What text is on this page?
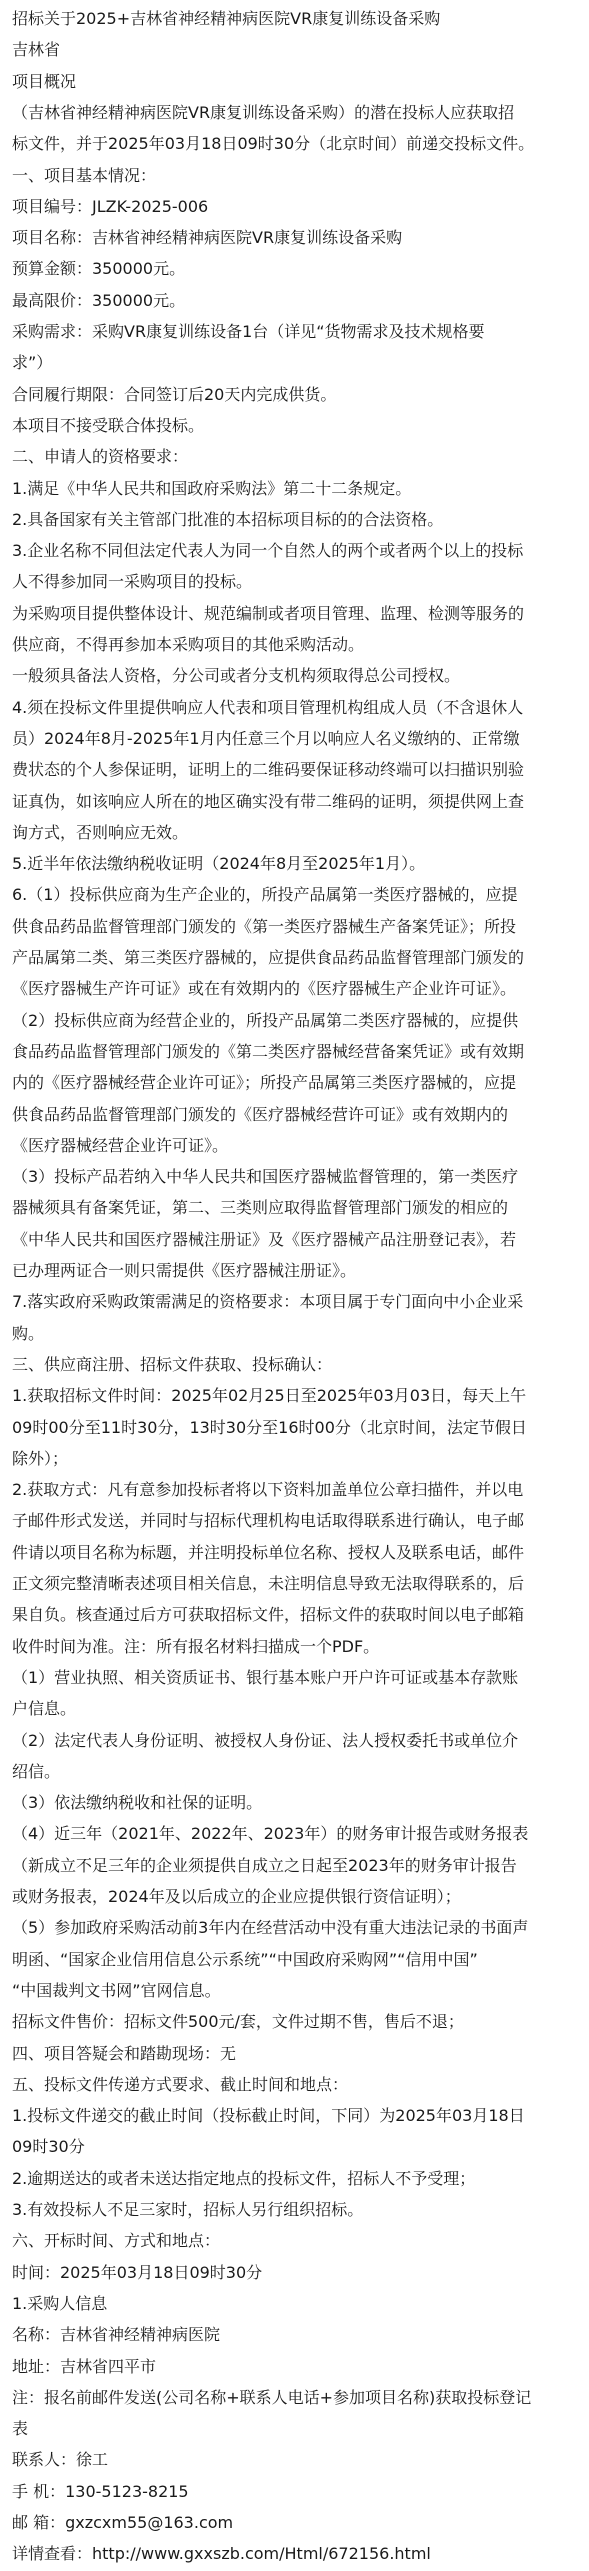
招标关于2025+吉林省神经精神病医院VR康复训练设备采购
吉林省
项目概况
（吉林省神经精神病医院VR康复训练设备采购）的潜在投标人应获取招
标文件，并于2025年03月18日09时30分（北京时间）前递交投标文件。
一、项目基本情况：
项目编号：JLZK-2025-006
项目名称：吉林省神经精神病医院VR康复训练设备采购
预算金额：350000元。
最高限价：350000元。
采购需求：采购VR康复训练设备1台（详见“货物需求及技术规格要
求”）
合同履行期限：合同签订后20天内完成供货。
本项目不接受联合体投标。
二、申请人的资格要求：
1.满足《中华人民共和国政府采购法》第二十二条规定。
2.具备国家有关主管部门批准的本招标项目标的的合法资格。
3.企业名称不同但法定代表人为同一个自然人的两个或者两个以上的投标
人不得参加同一采购项目的投标。
为采购项目提供整体设计、规范编制或者项目管理、监理、检测等服务的
供应商，不得再参加本采购项目的其他采购活动。
一般须具备法人资格，分公司或者分支机构须取得总公司授权。
4.须在投标文件里提供响应人代表和项目管理机构组成人员（不含退休人
员）2024年8月-2025年1月内任意三个月以响应人名义缴纳的、正常缴
费状态的个人参保证明，证明上的二维码要保证移动终端可以扫描识别验
证真伪，如该响应人所在的地区确实没有带二维码的证明，须提供网上查
询方式，否则响应无效。
5.近半年依法缴纳税收证明（2024年8月至2025年1月）。
6.（1）投标供应商为生产企业的，所投产品属第一类医疗器械的，应提
供食品药品监督管理部门颁发的《第一类医疗器械生产备案凭证》；所投
产品属第二类、第三类医疗器械的，应提供食品药品监督管理部门颁发的
《医疗器械生产许可证》或在有效期内的《医疗器械生产企业许可证》。
（2）投标供应商为经营企业的，所投产品属第二类医疗器械的，应提供
食品药品监督管理部门颁发的《第二类医疗器械经营备案凭证》或有效期
内的《医疗器械经营企业许可证》；所投产品属第三类医疗器械的，应提
供食品药品监督管理部门颁发的《医疗器械经营许可证》或有效期内的
《医疗器械经营企业许可证》。
（3）投标产品若纳入中华人民共和国医疗器械监督管理的，第一类医疗
器械须具有备案凭证，第二、三类则应取得监督管理部门颁发的相应的
《中华人民共和国医疗器械注册证》及《医疗器械产品注册登记表》，若
已办理两证合一则只需提供《医疗器械注册证》。
7.落实政府采购政策需满足的资格要求：本项目属于专门面向中小企业采
购。
三、供应商注册、招标文件获取、投标确认：
1.获取招标文件时间：2025年02月25日至2025年03月03日，每天上午
09时00分至11时30分，13时30分至16时00分（北京时间，法定节假日
除外）；
2.获取方式：凡有意参加投标者将以下资料加盖单位公章扫描件，并以电
子邮件形式发送，并同时与招标代理机构电话取得联系进行确认，电子邮
件请以项目名称为标题，并注明投标单位名称、授权人及联系电话，邮件
正文须完整清晰表述项目相关信息，未注明信息导致无法取得联系的，后
果自负。核查通过后方可获取招标文件，招标文件的获取时间以电子邮箱
收件时间为准。注：所有报名材料扫描成一个PDF。
（1）营业执照、相关资质证书、银行基本账户开户许可证或基本存款账
户信息。
（2）法定代表人身份证明、被授权人身份证、法人授权委托书或单位介
绍信。
（3）依法缴纳税收和社保的证明。
（4）近三年（2021年、2022年、2023年）的财务审计报告或财务报表
（新成立不足三年的企业须提供自成立之日起至2023年的财务审计报告
或财务报表，2024年及以后成立的企业应提供银行资信证明）；
（5）参加政府采购活动前3年内在经营活动中没有重大违法记录的书面声
明函、“国家企业信用信息公示系统”“中国政府采购网”“信用中国”
“中国裁判文书网”官网信息。
招标文件售价：招标文件500元/套，文件过期不售，售后不退；
四、项目答疑会和踏勘现场：无
五、投标文件传递方式要求、截止时间和地点：
1.投标文件递交的截止时间（投标截止时间，下同）为2025年03月18日
09时30分
2.逾期送达的或者未送达指定地点的投标文件，招标人不予受理；
3.有效投标人不足三家时，招标人另行组织招标。
六、开标时间、方式和地点：
时间：2025年03月18日09时30分
1.采购人信息
名称：吉林省神经精神病医院
地址：吉林省四平市
注：报名前邮件发送(公司名称+联系人电话+参加项目名称)获取投标登记
表
联系人：徐工
手 机：130-5123-8215
邮 箱：gxzcxm55@163.com
详情查看：http://www.gxxszb.com/Html/672156.html
